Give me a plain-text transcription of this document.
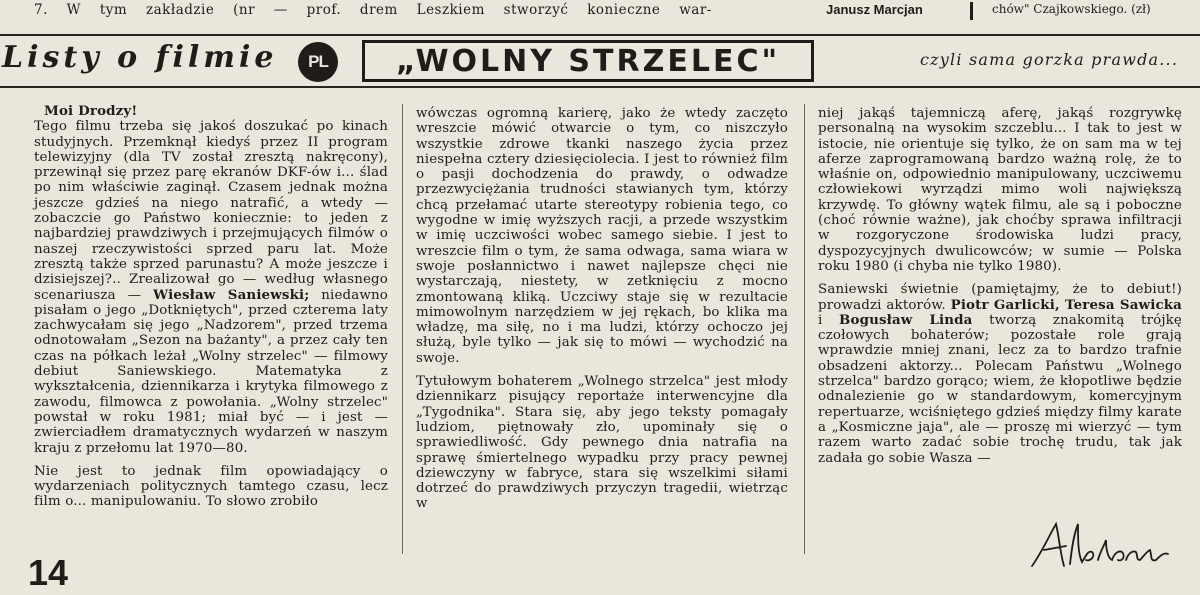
7. W tym zakładzie (nr — prof. drem Leszkiem stworzyć konieczne war-	Janusz Marcjan	chów" Czajkowskiego. (zł)
Listy o filmie PL „WOLNY STRZELEC"	czyli sama gorzka prawda...

Moi Drodzy!

Tego filmu trzeba się jakoś doszukać po kinach studyjnych. Przemknął kiedyś przez II program telewizyjny (dla TV został zresztą nakręcony), przewinął się przez parę ekranów DKF-ów i... ślad po nim właściwie zaginął. Czasem jednak można jeszcze gdzieś na niego natrafić, a wtedy — zobaczcie go Państwo koniecznie: to jeden z najbardziej prawdziwych i przejmujących filmów o naszej rzeczywistości sprzed paru lat. Może zresztą także sprzed parunastu? A może jeszcze i dzisiejszej?.. Zrealizował go — według własnego scenariusza — Wiesław Saniewski; niedawno pisałam o jego „Dotkniętych", przed czterema laty zachwycałam się jego „Nadzorem", przed trzema odnotowałam „Sezon na bażanty", a przez cały ten czas na półkach leżał „Wolny strzelec" — filmowy debiut Saniewskiego. Matematyka z wykształcenia, dziennikarza i krytyka filmowego z zawodu, filmowca z powołania. „Wolny strzelec" powstał w roku 1981; miał być — i jest — zwierciadłem dramatycznych wydarzeń w naszym kraju z przełomu lat 1970—80.

Nie jest to jednak film opowiadający o wydarzeniach politycznych tamtego czasu, lecz film o... manipulowaniu. To słowo zrobiło

wówczas ogromną karierę, jako że wtedy zaczęto wreszcie mówić otwarcie o tym, co niszczyło wszystkie zdrowe tkanki naszego życia przez niespełna cztery dziesięciolecia. I jest to również film o pasji dochodzenia do prawdy, o odwadze przezwyciężania trudności stawianych tym, którzy chcą przełamać utarte stereotypy robienia tego, co wygodne w imię wyższych racji, a przede wszystkim w imię uczciwości wobec samego siebie. I jest to wreszcie film o tym, że sama odwaga, sama wiara w swoje posłannictwo i nawet najlepsze chęci nie wystarczają, niestety, w zetknięciu z mocno zmontowaną kliką. Uczciwy staje się w rezultacie mimowolnym narzędziem w jej rękach, bo klika ma władzę, ma siłę, no i ma ludzi, którzy ochoczo jej służą, byle tylko — jak się to mówi — wychodzić na swoje.

Tytułowym bohaterem „Wolnego strzelca" jest młody dziennikarz pisujący reportaże interwencyjne dla „Tygodnika". Stara się, aby jego teksty pomagały ludziom, piętnowały zło, upominały się o sprawiedliwość. Gdy pewnego dnia natrafia na sprawę śmiertelnego wypadku przy pracy pewnej dziewczyny w fabryce, stara się wszelkimi siłami dotrzeć do prawdziwych przyczyn tragedii, wietrząc w

niej jakąś tajemniczą aferę, jakąś rozgrywkę personalną na wysokim szczeblu... I tak to jest w istocie, nie orientuje się tylko, że on sam ma w tej aferze zaprogramowaną bardzo ważną rolę, że to właśnie on, odpowiednio manipulowany, uczciwemu człowiekowi wyrządzi mimo woli największą krzywdę. To główny wątek filmu, ale są i poboczne (choć równie ważne), jak choćby sprawa infiltracji w rozgoryczone środowiska ludzi pracy, dyspozycyjnych dwulicowców; w sumie — Polska roku 1980 (i chyba nie tylko 1980).

Saniewski świetnie (pamiętajmy, że to debiut!) prowadzi aktorów. Piotr Garlicki, Teresa Sawicka i Bogusław Linda tworzą znakomitą trójkę czołowych bohaterów; pozostałe role grają wprawdzie mniej znani, lecz za to bardzo trafnie obsadzeni aktorzy... Polecam Państwu „Wolnego strzelca" bardzo gorąco; wiem, że kłopotliwe będzie odnalezienie go w standardowym, komercyjnym repertuarze, wciśniętego gdzieś między filmy karate a „Kosmiczne jaja", ale — proszę mi wierzyć — tym razem warto zadać sobie trochę trudu, tak jak zadała go sobie Wasza —

14
